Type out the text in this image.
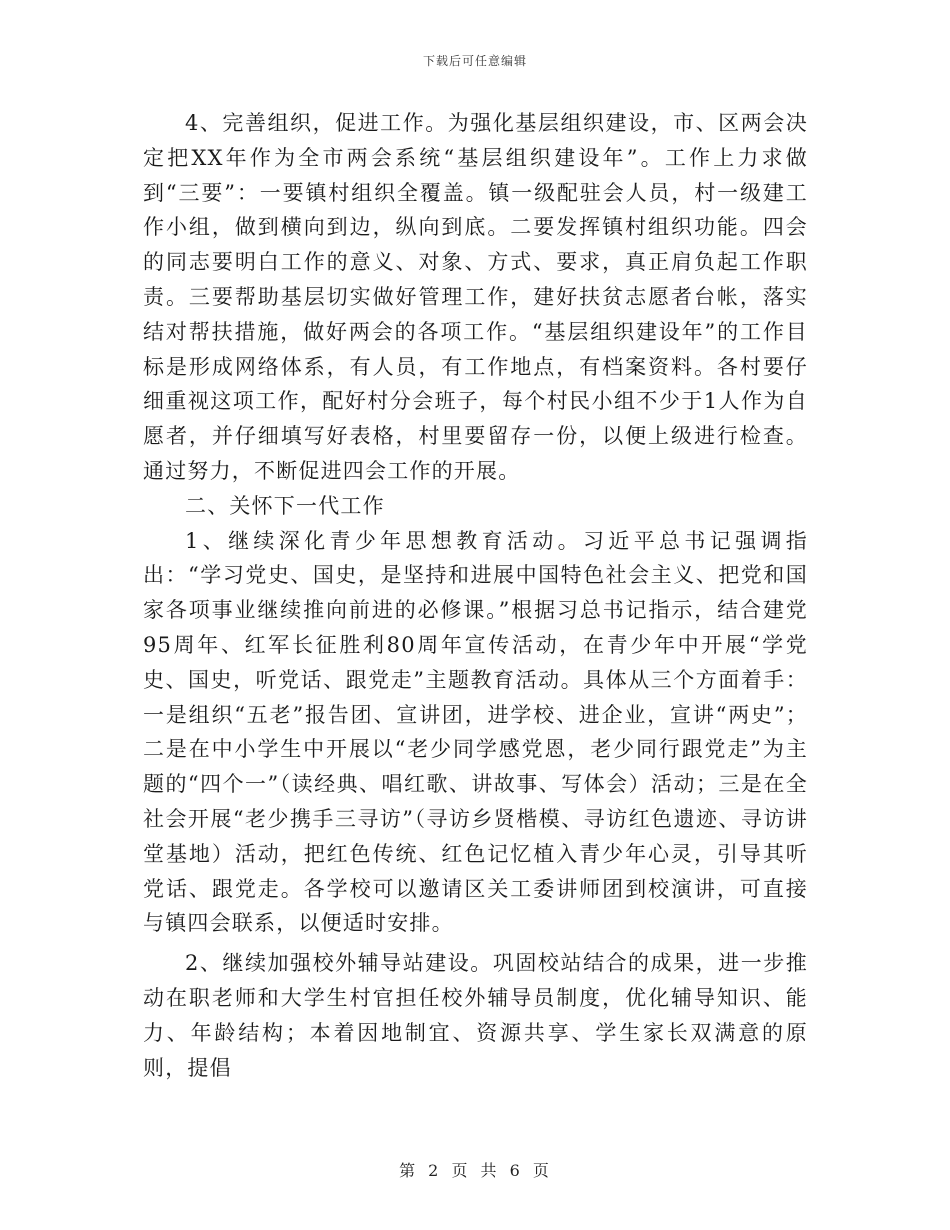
下载后可任意编辑

4、完善组织，促进工作。为强化基层组织建设，市、区两会决定把XX年作为全市两会系统“基层组织建设年”。工作上力求做到“三要”：一要镇村组织全覆盖。镇一级配驻会人员，村一级建工作小组，做到横向到边，纵向到底。二要发挥镇村组织功能。四会的同志要明白工作的意义、对象、方式、要求，真正肩负起工作职责。三要帮助基层切实做好管理工作，建好扶贫志愿者台帐，落实结对帮扶措施，做好两会的各项工作。“基层组织建设年”的工作目标是形成网络体系，有人员，有工作地点，有档案资料。各村要仔细重视这项工作，配好村分会班子，每个村民小组不少于1人作为自愿者，并仔细填写好表格，村里要留存一份，以便上级进行检查。通过努力，不断促进四会工作的开展。

二、关怀下一代工作

1、继续深化青少年思想教育活动。习近平总书记强调指出：“学习党史、国史，是坚持和进展中国特色社会主义、把党和国家各项事业继续推向前进的必修课。”根据习总书记指示，结合建党95周年、红军长征胜利80周年宣传活动，在青少年中开展“学党史、国史，听党话、跟党走”主题教育活动。具体从三个方面着手：一是组织“五老”报告团、宣讲团，进学校、进企业，宣讲“两史”；二是在中小学生中开展以“老少同学感党恩，老少同行跟党走”为主题的“四个一”（读经典、唱红歌、讲故事、写体会）活动；三是在全社会开展“老少携手三寻访”（寻访乡贤楷模、寻访红色遗迹、寻访讲堂基地）活动，把红色传统、红色记忆植入青少年心灵，引导其听党话、跟党走。各学校可以邀请区关工委讲师团到校演讲，可直接与镇四会联系，以便适时安排。

2、继续加强校外辅导站建设。巩固校站结合的成果，进一步推动在职老师和大学生村官担任校外辅导员制度，优化辅导知识、能力、年龄结构；本着因地制宜、资源共享、学生家长双满意的原则，提倡

第 2 页 共 6 页
